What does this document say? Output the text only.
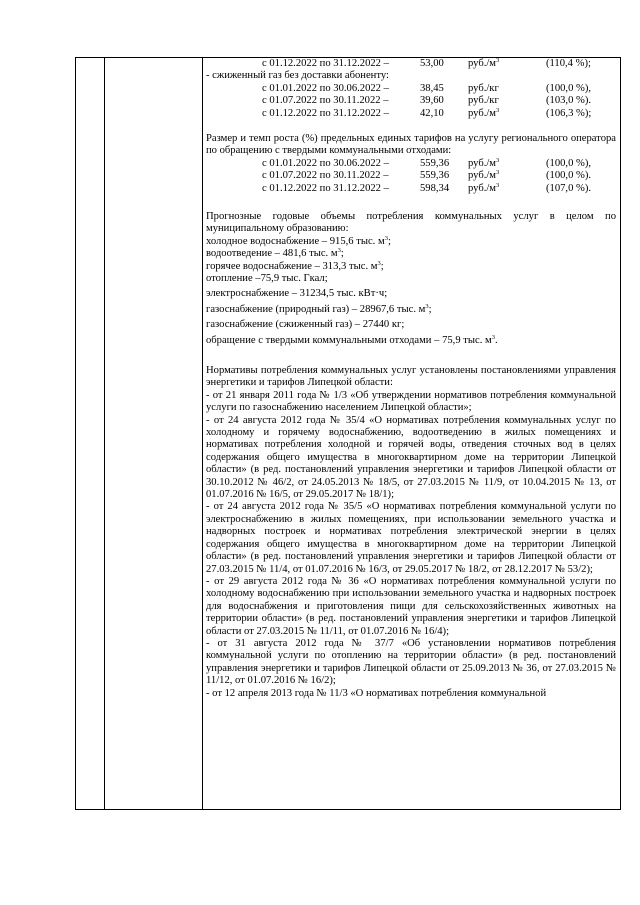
с 01.12.2022 по 31.12.2022 –	53,00 $руб./м^3$	(110,4 %);

- сжиженный газ без доставки абоненту:

с 01.01.2022 по 30.06.2022 –	38,45 руб./кг	(100,0 %),
с 01.07.2022 по 30.11.2022 –	39,60 руб./кг	(103,0 %).
с 01.12.2022 по 31.12.2022 –	42,10 $руб./м^3$	(106,3 %);

Размер и темп роста (%) предельных единых тарифов на услугу регионального оператора по обращению с твердыми коммунальными отходами:

с 01.01.2022 по 30.06.2022 –	559,36 $руб./м^3$	(100,0 %),
с 01.07.2022 по 30.11.2022 –	559,36 $руб./м^3$	(100,0 %).
с 01.12.2022 по 31.12.2022 –	598,34 $руб./м^3$	(107,0 %).

Прогнозные годовые объемы потребления коммунальных услуг в целом по муниципальному образованию:

холодное водоснабжение – 915,6 тыс. $м^3$;

водоотведение – 481,6 тыс. $м^3$;

горячее водоснабжение – 313,3 тыс. $м^3$;

отопление –75,9 тыс. Гкал;

электроснабжение – 31234,5 тыс. кВт·ч;

газоснабжение (природный газ) – 28967,6 тыс. $м^3$;

газоснабжение (сжиженный газ) – 27440 кг;

обращение с твердыми коммунальными отходами – 75,9 тыс. $м^3$.

Нормативы потребления коммунальных услуг установлены постановлениями управления энергетики и тарифов Липецкой области:

- от 21 января 2011 года № 1/3 «Об утверждении нормативов потребления коммунальной услуги по газоснабжению населением Липецкой области»;

- от 24 августа 2012 года № 35/4 «О нормативах потребления коммунальных услуг по холодному и горячему водоснабжению, водоотведению в жилых помещениях и нормативах потребления холодной и горячей воды, отведения сточных вод в целях содержания общего имущества в многоквартирном доме на территории Липецкой области» (в ред. постановлений управления энергетики и тарифов Липецкой области от 30.10.2012 № 46/2, от 24.05.2013 № 18/5, от 27.03.2015 № 11/9, от 10.04.2015 № 13, от 01.07.2016 № 16/5, от 29.05.2017 № 18/1);

- от 24 августа 2012 года № 35/5 «О нормативах потребления коммунальной услуги по электроснабжению в жилых помещениях, при использовании земельного участка и надворных построек и нормативах потребления электрической энергии в целях содержания общего имущества в многоквартирном доме на территории Липецкой области» (в ред. постановлений управления энергетики и тарифов Липецкой области от 27.03.2015 № 11/4, от 01.07.2016 № 16/3, от 29.05.2017 № 18/2, от 28.12.2017 № 53/2);

- от 29 августа 2012 года № 36 «О нормативах потребления коммунальной услуги по холодному водоснабжению при использовании земельного участка и надворных построек для водоснабжения и приготовления пищи для сельскохозяйственных животных на территории области» (в ред. постановлений управления энергетики и тарифов Липецкой области от 27.03.2015 № 11/11, от 01.07.2016 № 16/4);

- от 31 августа 2012 года № 37/7 «Об установлении нормативов потребления коммунальной услуги по отоплению на территории области» (в ред. постановлений управления энергетики и тарифов Липецкой области от 25.09.2013 № 36, от 27.03.2015 № 11/12, от 01.07.2016 № 16/2);

- от 12 апреля 2013 года № 11/3 «О нормативах потребления коммунальной
